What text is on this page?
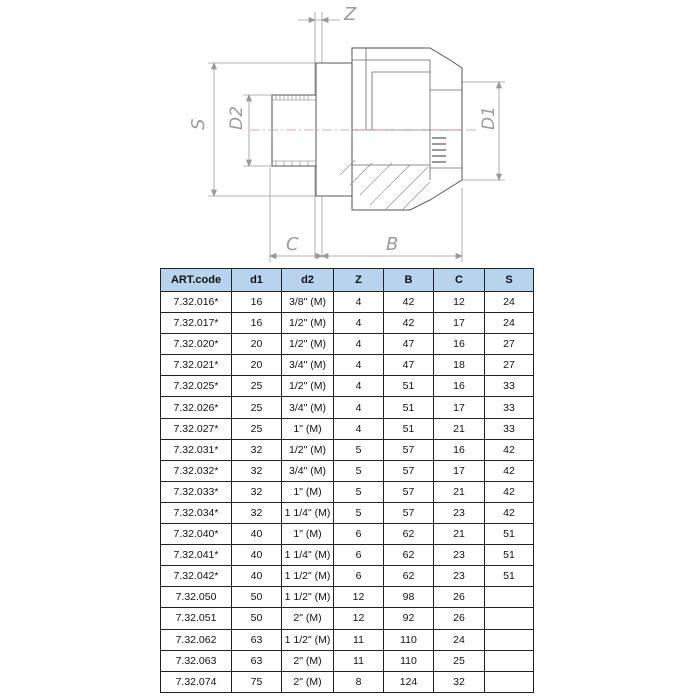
Z
S D2	D1
C	B
ART.code	d1	d2	Z	B	C	S
7.32.016*	16	3/8" (M)	4	42	12	24
7.32.017*	16	1/2" (M)	4	42	17	24
7.32.020*	20	1/2" (M)	4	47	16	27
7.32.021*	20	3/4" (M)	4	47	18	27
7.32.025*	25	1/2" (M)	4	51	16	33
7.32.026*	25	3/4" (M)	4	51	17	33
7.32.027*	25	1" (M)	4	51	21	33
7.32.031*	32	1/2" (M)	5	57	16	42
7.32.032*	32	3/4" (M)	5	57	17	42
7.32.033*	32	1" (M)	5	57	21	42
7.32.034*	32	1 1/4" (M)	5	57	23	42
7.32.040*	40	1" (M)	6	62	21	51
7.32.041*	40	1 1/4" (M)	6	62	23	51
7.32.042*	40	1 1/2" (M)	6	62	23	51
7.32.050	50	1 1/2" (M)	12	98	26	
7.32.051	50	2" (M)	12	92	26	
7.32.062	63	1 1/2" (M)	11	110	24	
7.32.063	63	2" (M)	11	110	25	
7.32.074	75	2" (M)	8	124	32	
